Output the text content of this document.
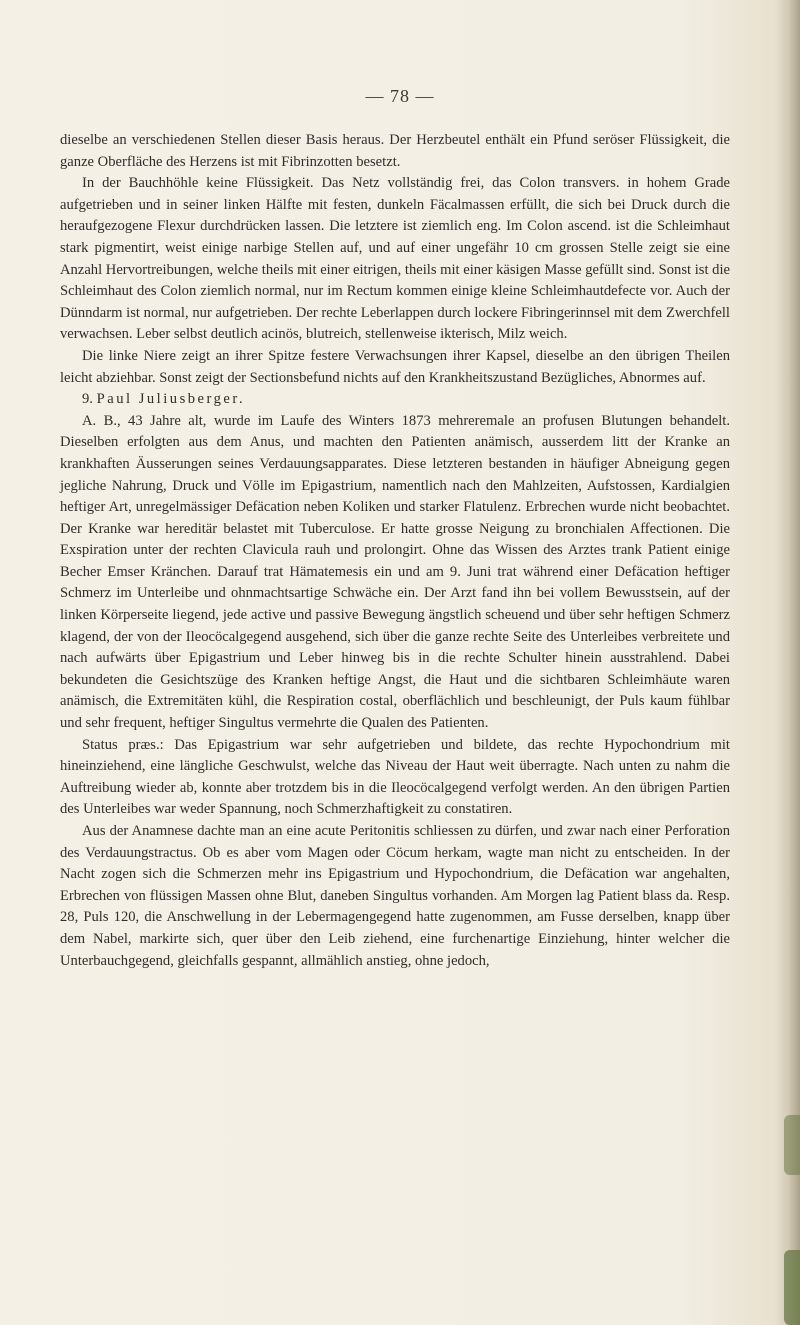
— 78 —

dieselbe an verschiedenen Stellen dieser Basis heraus. Der Herzbeutel enthält ein Pfund seröser Flüssigkeit, die ganze Oberfläche des Herzens ist mit Fibrinzotten besetzt.

In der Bauchhöhle keine Flüssigkeit. Das Netz vollständig frei, das Colon transvers. in hohem Grade aufgetrieben und in seiner linken Hälfte mit festen, dunkeln Fäcalmassen erfüllt, die sich bei Druck durch die heraufgezogene Flexur durchdrücken lassen. Die letztere ist ziemlich eng. Im Colon ascend. ist die Schleimhaut stark pigmentirt, weist einige narbige Stellen auf, und auf einer ungefähr 10 cm grossen Stelle zeigt sie eine Anzahl Hervortreibungen, welche theils mit einer eitrigen, theils mit einer käsigen Masse gefüllt sind. Sonst ist die Schleimhaut des Colon ziemlich normal, nur im Rectum kommen einige kleine Schleimhautdefecte vor. Auch der Dünndarm ist normal, nur aufgetrieben. Der rechte Leberlappen durch lockere Fibringerinnsel mit dem Zwerchfell verwachsen. Leber selbst deutlich acinös, blutreich, stellenweise ikterisch, Milz weich.

Die linke Niere zeigt an ihrer Spitze festere Verwachsungen ihrer Kapsel, dieselbe an den übrigen Theilen leicht abziehbar. Sonst zeigt der Sectionsbefund nichts auf den Krankheitszustand Bezügliches, Abnormes auf.

9. Paul Juliusberger.

A. B., 43 Jahre alt, wurde im Laufe des Winters 1873 mehreremale an profusen Blutungen behandelt. Dieselben erfolgten aus dem Anus, und machten den Patienten anämisch, ausserdem litt der Kranke an krankhaften Äusserungen seines Verdauungsapparates. Diese letzteren bestanden in häufiger Abneigung gegen jegliche Nahrung, Druck und Völle im Epigastrium, namentlich nach den Mahlzeiten, Aufstossen, Kardialgien heftiger Art, unregelmässiger Defäcation neben Koliken und starker Flatulenz. Erbrechen wurde nicht beobachtet. Der Kranke war hereditär belastet mit Tuberculose. Er hatte grosse Neigung zu bronchialen Affectionen. Die Exspiration unter der rechten Clavicula rauh und prolongirt. Ohne das Wissen des Arztes trank Patient einige Becher Emser Kränchen. Darauf trat Hämatemesis ein und am 9. Juni trat während einer Defäcation heftiger Schmerz im Unterleibe und ohnmachtsartige Schwäche ein. Der Arzt fand ihn bei vollem Bewusstsein, auf der linken Körperseite liegend, jede active und passive Bewegung ängstlich scheuend und über sehr heftigen Schmerz klagend, der von der Ileocöcalgegend ausgehend, sich über die ganze rechte Seite des Unterleibes verbreitete und nach aufwärts über Epigastrium und Leber hinweg bis in die rechte Schulter hinein ausstrahlend. Dabei bekundeten die Gesichtszüge des Kranken heftige Angst, die Haut und die sichtbaren Schleimhäute waren anämisch, die Extremitäten kühl, die Respiration costal, oberflächlich und beschleunigt, der Puls kaum fühlbar und sehr frequent, heftiger Singultus vermehrte die Qualen des Patienten.

Status præs.: Das Epigastrium war sehr aufgetrieben und bildete, das rechte Hypochondrium mit hineinziehend, eine längliche Geschwulst, welche das Niveau der Haut weit überragte. Nach unten zu nahm die Auftreibung wieder ab, konnte aber trotzdem bis in die Ileocöcalgegend verfolgt werden. An den übrigen Partien des Unterleibes war weder Spannung, noch Schmerzhaftigkeit zu constatiren.

Aus der Anamnese dachte man an eine acute Peritonitis schliessen zu dürfen, und zwar nach einer Perforation des Verdauungstractus. Ob es aber vom Magen oder Cöcum herkam, wagte man nicht zu entscheiden. In der Nacht zogen sich die Schmerzen mehr ins Epigastrium und Hypochondrium, die Defäcation war angehalten, Erbrechen von flüssigen Massen ohne Blut, daneben Singultus vorhanden. Am Morgen lag Patient blass da. Resp. 28, Puls 120, die Anschwellung in der Lebermagengegend hatte zugenommen, am Fusse derselben, knapp über dem Nabel, markirte sich, quer über den Leib ziehend, eine furchenartige Einziehung, hinter welcher die Unterbauchgegend, gleichfalls gespannt, allmählich anstieg, ohne jedoch,
